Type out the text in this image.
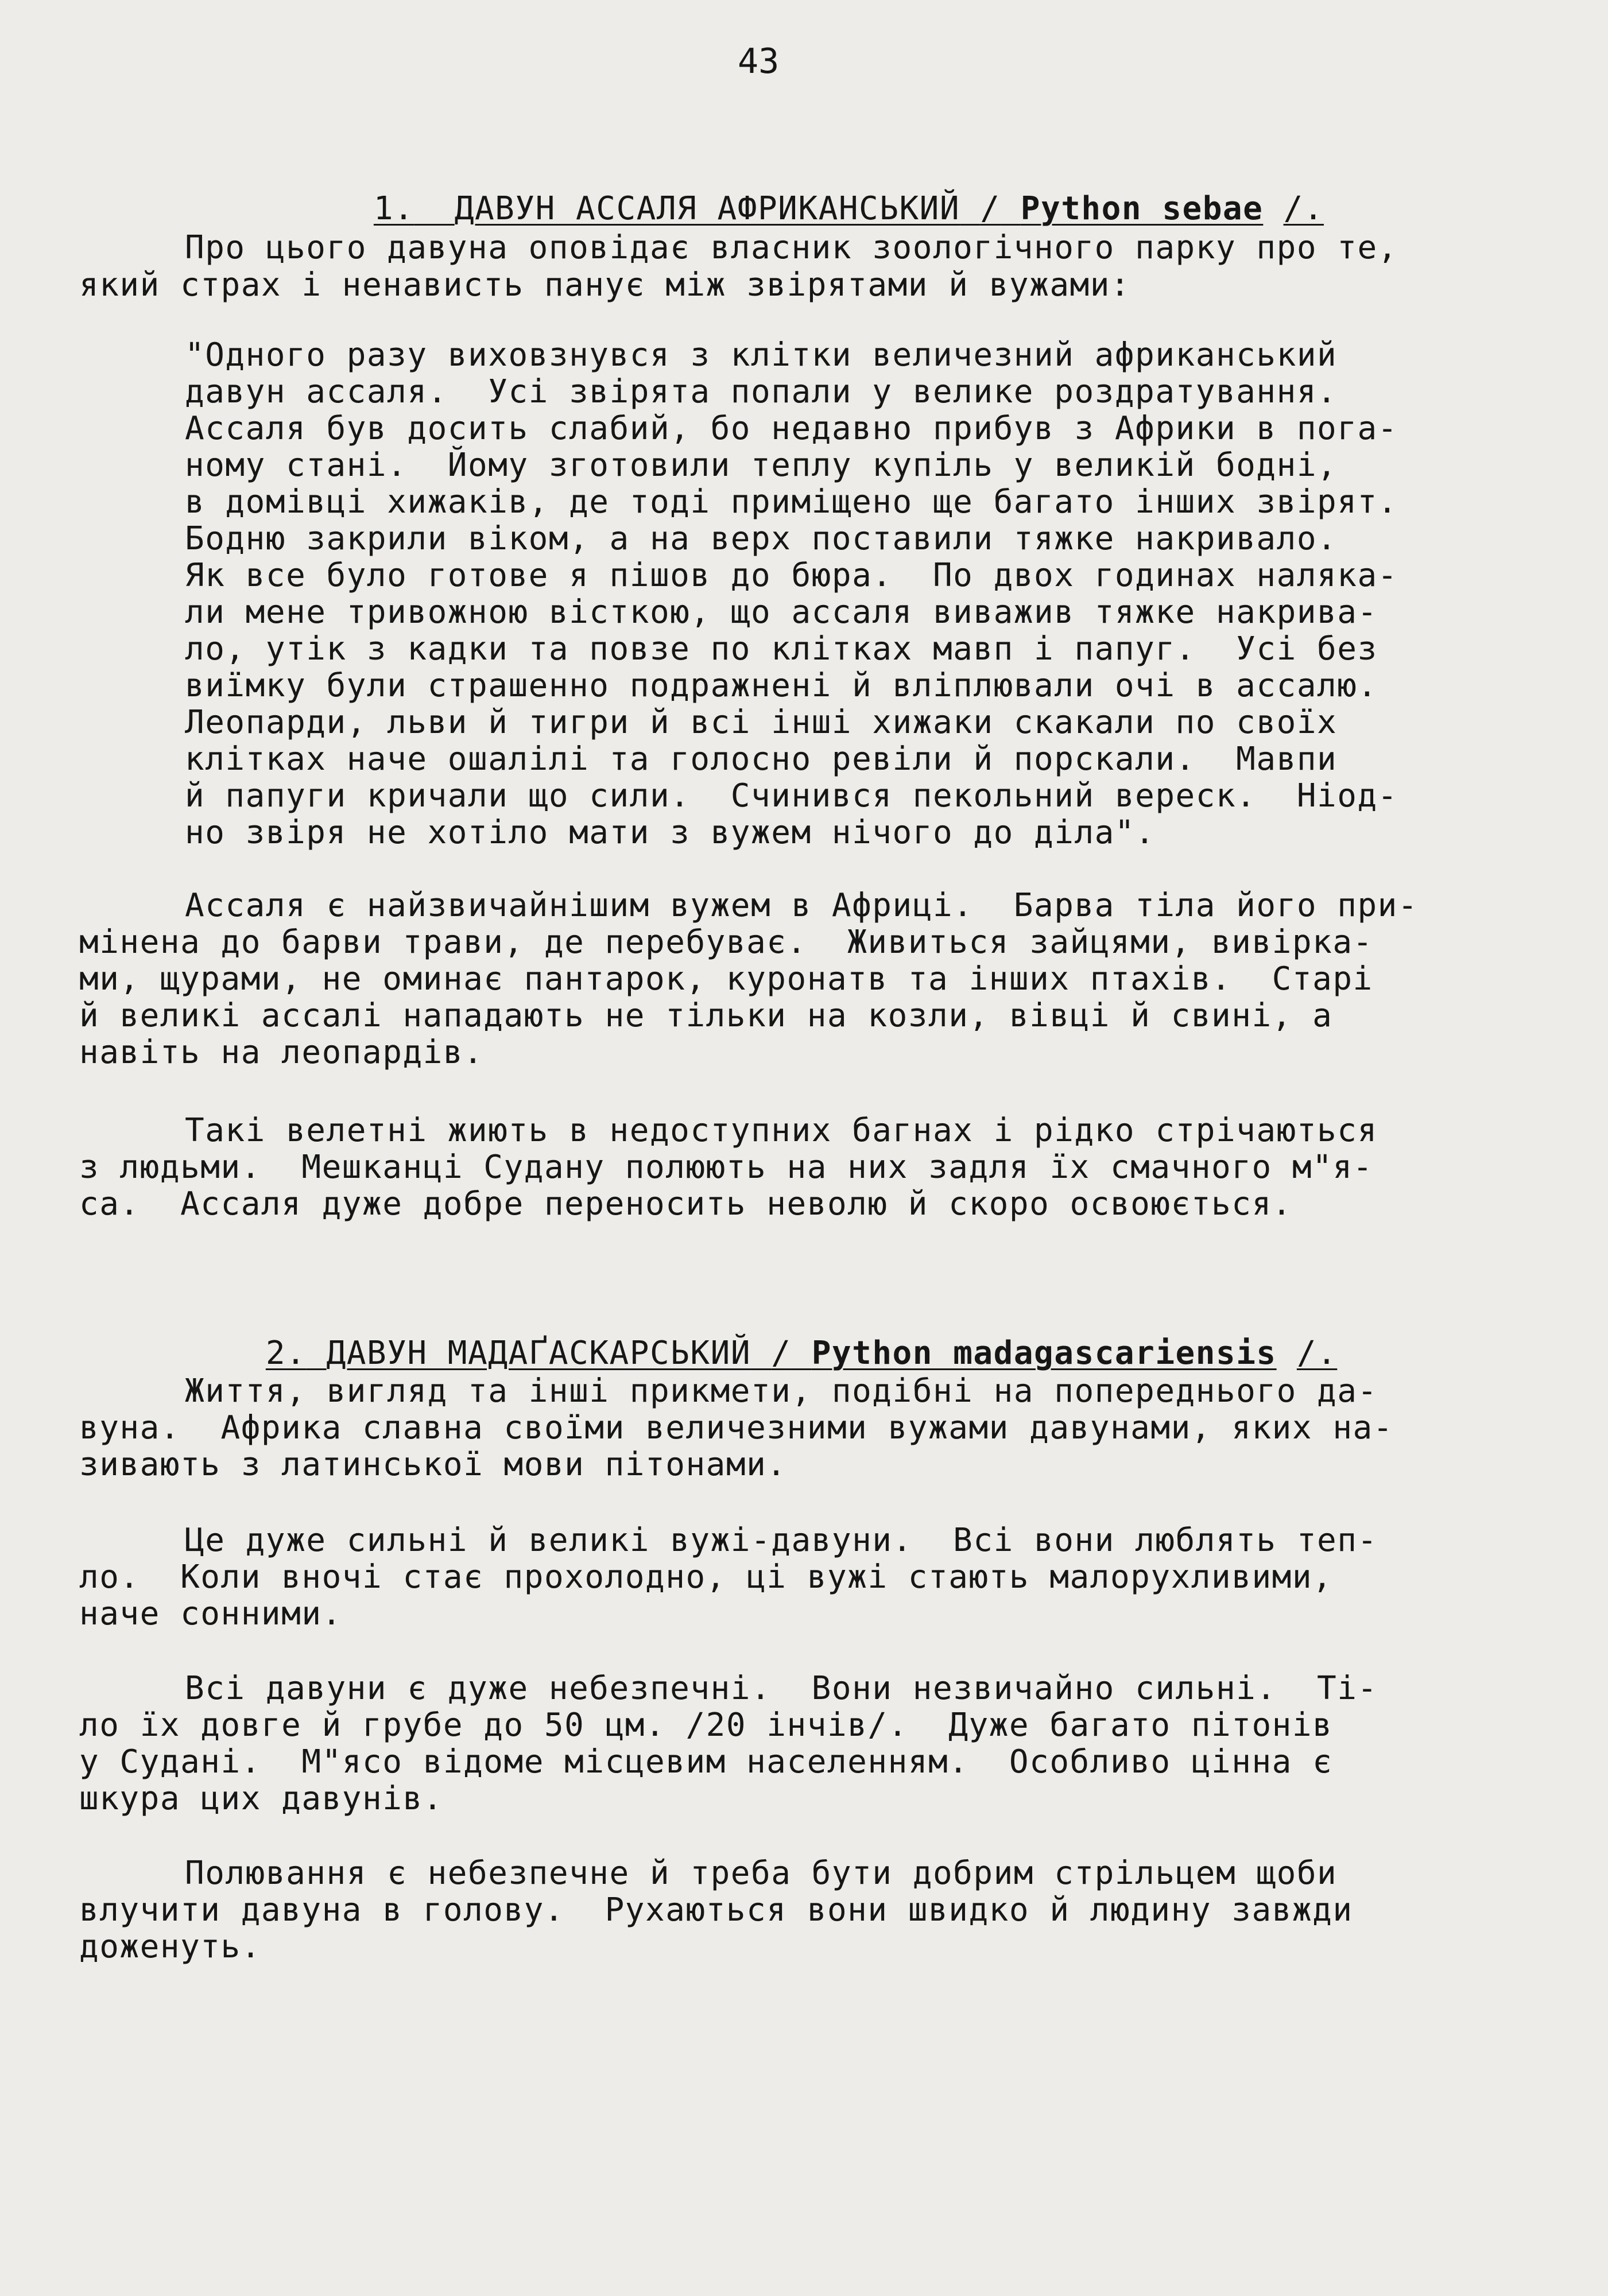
43

1. ДАВУН АССАЛЯ АФРИКАНСЬКИЙ / Python sebae /.

Про цього давуна оповідає власник зоологічного парку про те,
який страх і ненависть панує між звірятами й вужами:
"Одного разу виховзнувся з клітки величезний африканський
давун ассаля.  Усі звірята попали у велике роздратування.
Ассаля був досить слабий, бо недавно прибув з Африки в пога-
ному стані.  Йому зготовили теплу купіль у великій бодні,
в домівці хижаків, де тоді приміщено ще багато інших звірят.
Бодню закрили віком, а на верх поставили тяжке накривало.
Як все було готове я пішов до бюра.  По двох годинах наляка-
ли мене тривожною вісткою, що ассаля виважив тяжке накрива-
ло, утік з кадки та повзе по клітках мавп і папуг.  Усі без
виїмку були страшенно подражнені й вліплювали очі в ассалю.
Леопарди, льви й тигри й всі інші хижаки скакали по своїх
клітках наче ошалілі та голосно ревіли й порскали.  Мавпи
й папуги кричали що сили.  Счинився пекольний вереск.  Ніод-
но звіря не хотіло мати з вужем нічого до діла".
Ассаля є найзвичайнішим вужем в Африці.  Барва тіла його при-
мінена до барви трави, де перебуває.  Живиться зайцями, вивірка-
ми, щурами, не оминає пантарок, куронатв та інших птахів.  Старі
й великі ассалі нападають не тільки на козли, вівці й свині, а
навіть на леопардів.
Такі велетні жиють в недоступних багнах і рідко стрічаються
з людьми.  Мешканці Судану полюють на них задля їх смачного м"я-
са.  Ассаля дуже добре переносить неволю й скоро освоюється.

2. ДАВУН МАДАҐАСКАРСЬКИЙ / Python madagascariensis /.

Життя, вигляд та інші прикмети, подібні на попереднього да-
вуна.  Африка славна своїми величезними вужами давунами, яких на-
зивають з латинської мови пітонами.
Це дуже сильні й великі вужі-давуни.  Всі вони люблять теп-
ло.  Коли вночі стає прохолодно, ці вужі стають малорухливими,
наче сонними.
Всі давуни є дуже небезпечні.  Вони незвичайно сильні.  Ті-
ло їх довге й грубе до 50 цм. /20 інчів/.  Дуже багато пітонів
у Судані.  М"ясо відоме місцевим населенням.  Особливо цінна є
шкура цих давунів.
Полювання є небезпечне й треба бути добрим стрільцем щоби
влучити давуна в голову.  Рухаються вони швидко й людину завжди
доженуть.
